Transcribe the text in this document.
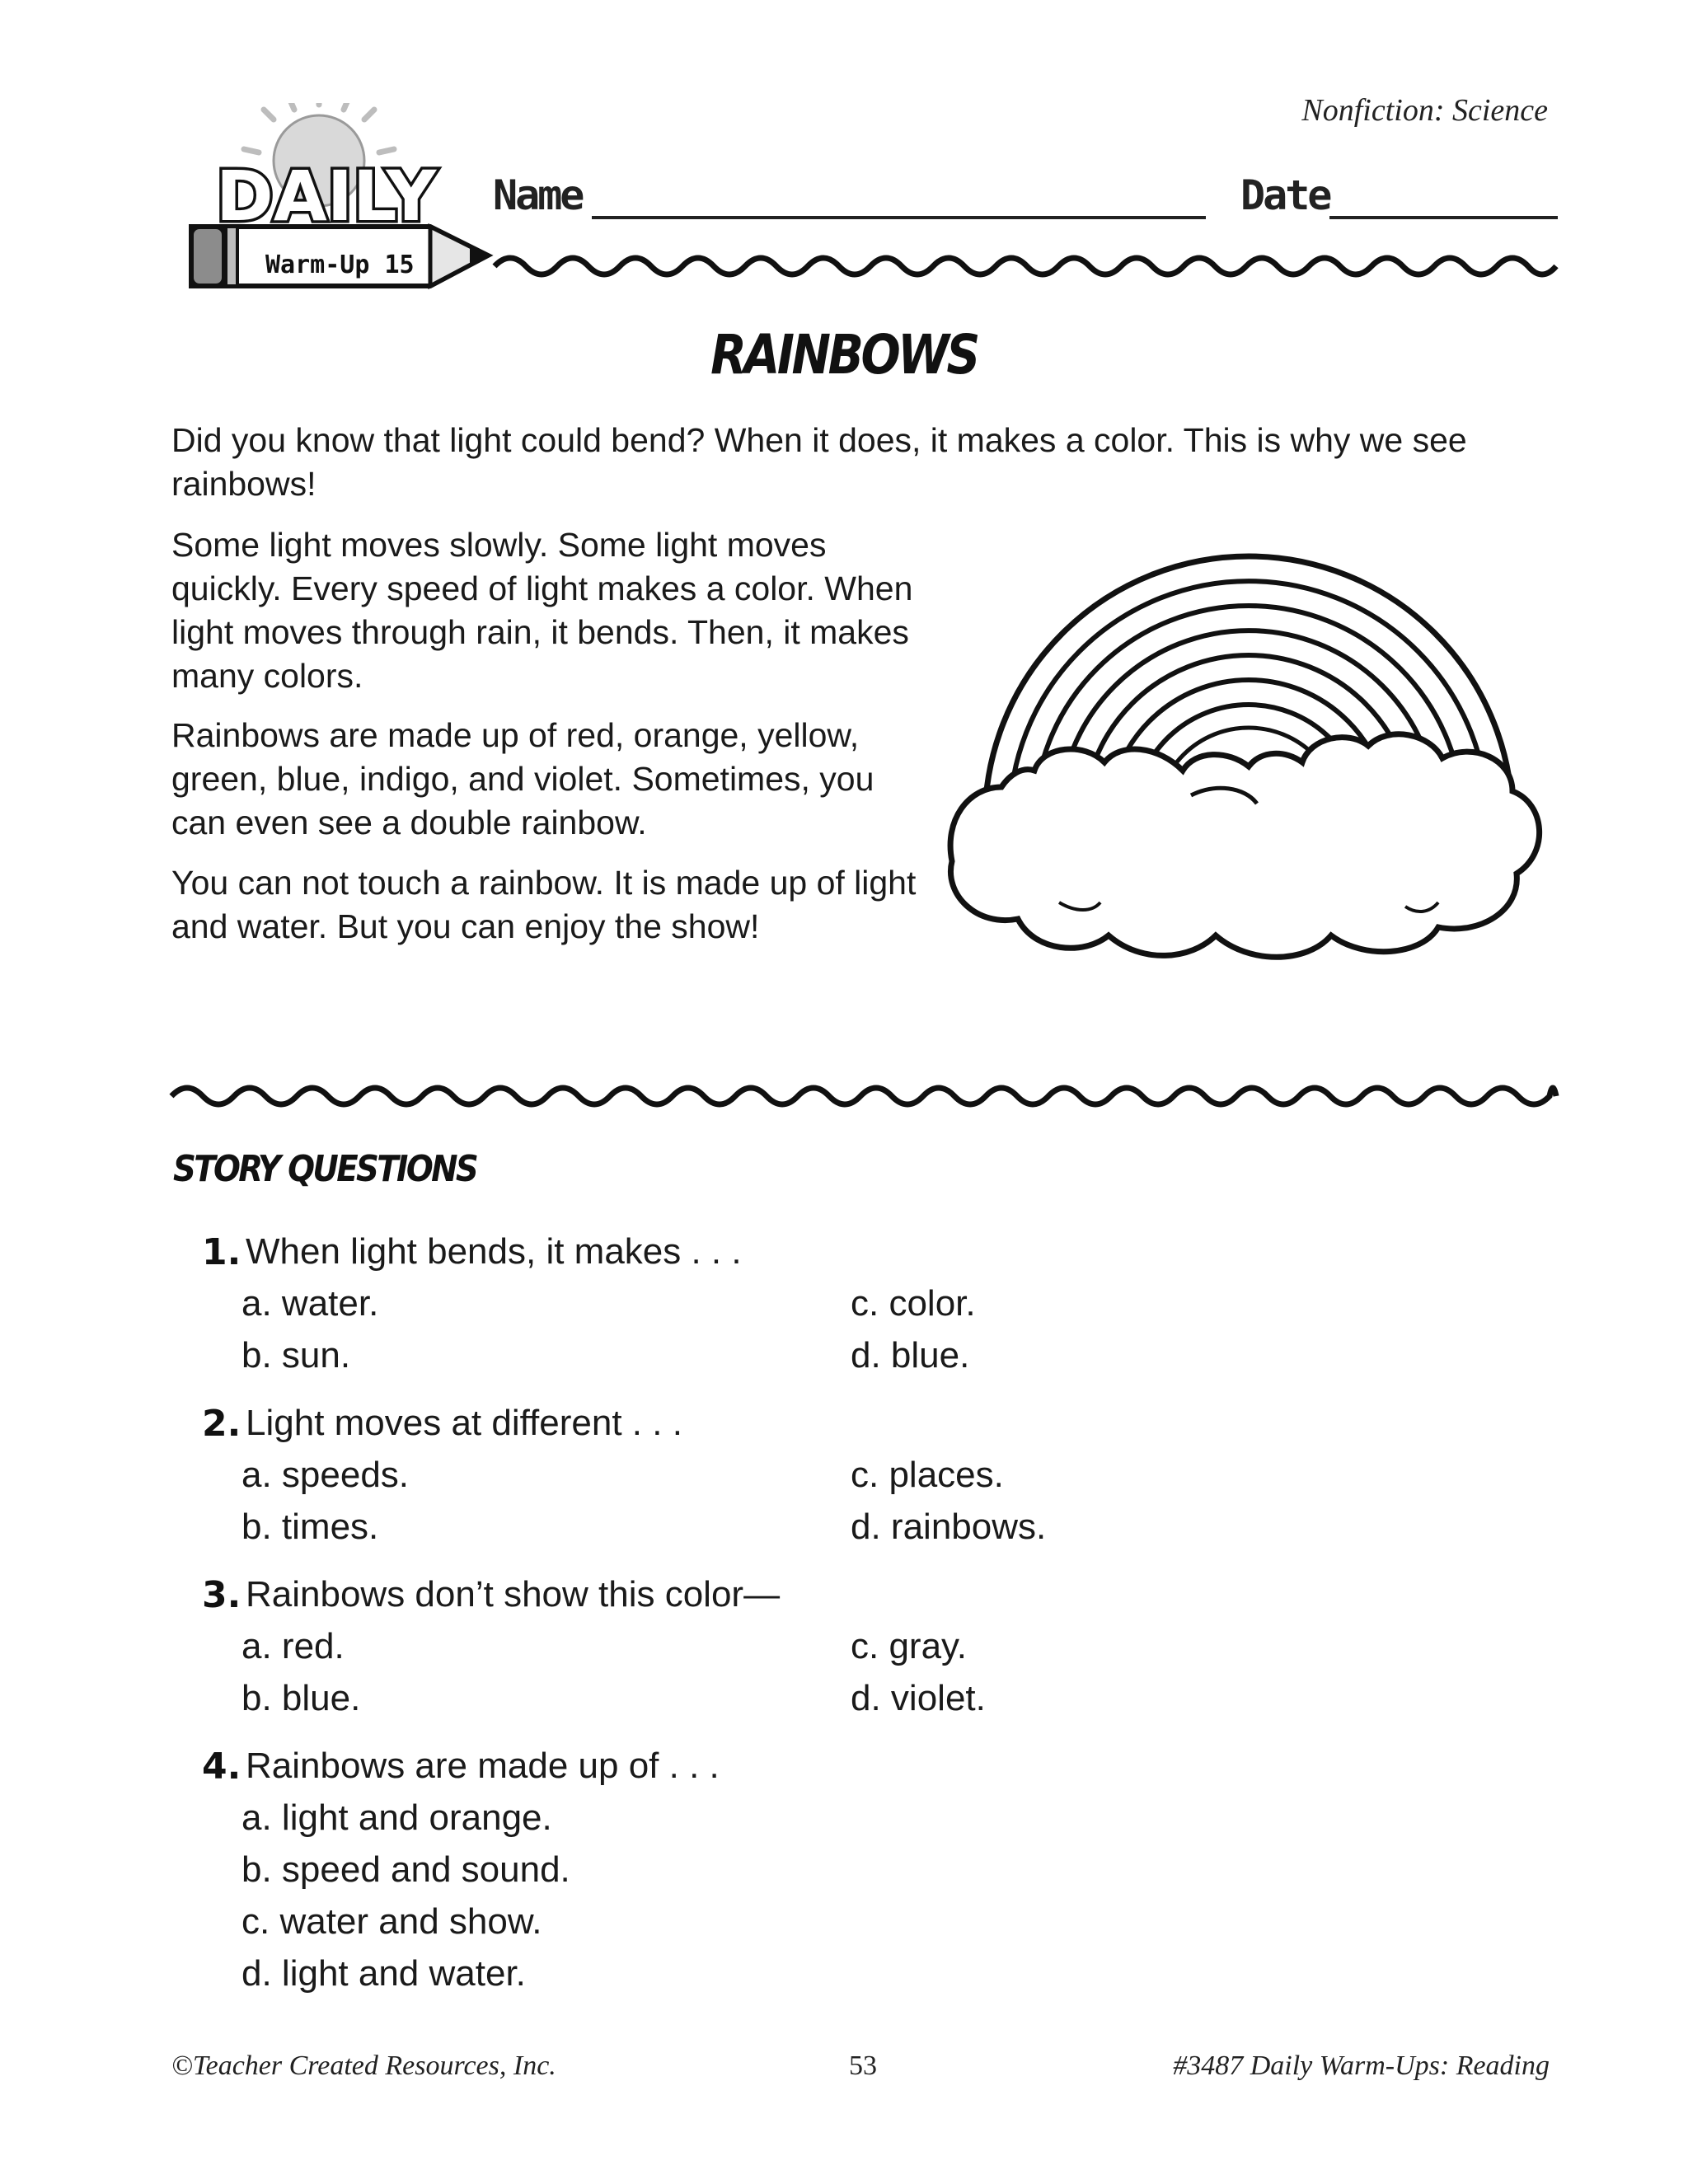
Nonfiction: Science
DAILY
Warm-Up 15
Name	Date
RAINBOWS
Did you know that light could bend? When it does, it makes a color. This is why we see rainbows!
Some light moves slowly. Some light moves quickly. Every speed of light makes a color. When light moves through rain, it bends. Then, it makes many colors.
Rainbows are made up of red, orange, yellow, green, blue, indigo, and violet. Sometimes, you can even see a double rainbow.
You can not touch a rainbow. It is made up of light and water. But you can enjoy the show!
STORY QUESTIONS
1. When light bends, it makes . . .
a. water.
b. sun.
c. color.
d. blue.
2. Light moves at different . . .
a. speeds.
b. times.
c. places.
d. rainbows.
3. Rainbows don’t show this color—
a. red.
b. blue.
c. gray.
d. violet.
4. Rainbows are made up of . . .
a. light and orange.
b. speed and sound.
c. water and show.
d. light and water.
©Teacher Created Resources, Inc.	53	#3487 Daily Warm-Ups: Reading
